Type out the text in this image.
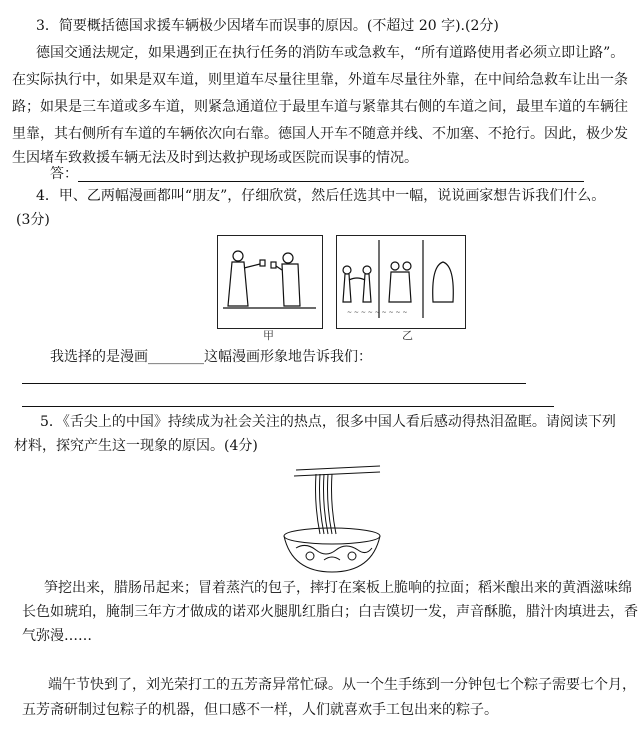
3．简要概括德国求援车辆极少因堵车而误事的原因。(不超过 20 字).(2分)
德国交通法规定，如果遇到正在执行任务的消防车或急救车，“所有道路使用者必须立即让路”。
在实际执行中，如果是双车道，则里道车尽量往里靠，外道车尽量往外靠，在中间给急救车让出一条
路；如果是三车道或多车道，则紧急通道位于最里车道与紧靠其右侧的车道之间，最里车道的车辆往
里靠，其右侧所有车道的车辆依次向右靠。德国人开车不随意并线、不加塞、不抢行。因此，极少发
生因堵车致救援车辆无法及时到达救护现场或医院而误事的情况。
答：
4．甲、乙两幅漫画都叫“朋友”，仔细欣赏，然后任选其中一幅，说说画家想告诉我们什么。
(3分)
甲
~ ~ ~ ~ ~ ~ ~ ~ ~
乙
我选择的是漫画________这幅漫画形象地告诉我们：
5．《舌尖上的中国》持续成为社会关注的热点，很多中国人看后感动得热泪盈眶。请阅读下列
材料，探究产生这一现象的原因。(4分)
笋挖出来，腊肠吊起来；冒着蒸汽的包子，摔打在案板上脆响的拉面；稻米酿出来的黄酒滋味绵
长色如琥珀，腌制三年方才做成的诺邓火腿肌红脂白；白吉馍切一发，声音酥脆，腊汁肉填进去，香
气弥漫……
端午节快到了，刘光荣打工的五芳斋异常忙碌。从一个生手练到一分钟包七个粽子需要七个月，
五芳斋研制过包粽子的机器，但口感不一样，人们就喜欢手工包出来的粽子。
